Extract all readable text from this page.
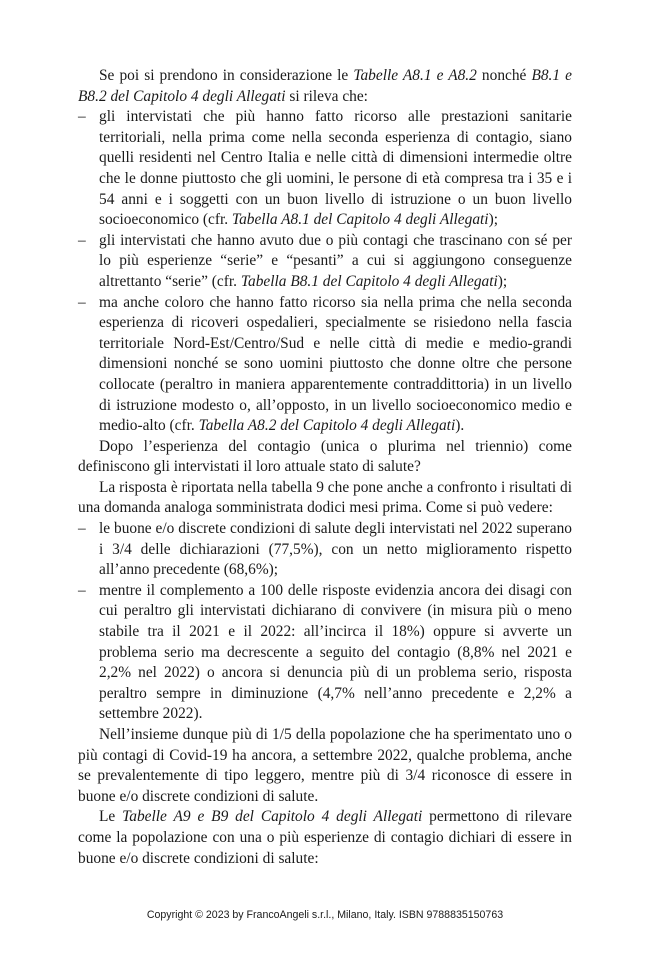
Se poi si prendono in considerazione le Tabelle A8.1 e A8.2 nonché B8.1 e B8.2 del Capitolo 4 degli Allegati si rileva che:

– gli intervistati che più hanno fatto ricorso alle prestazioni sanitarie territoriali, nella prima come nella seconda esperienza di contagio, siano quelli residenti nel Centro Italia e nelle città di dimensioni intermedie oltre che le donne piuttosto che gli uomini, le persone di età compresa tra i 35 e i 54 anni e i soggetti con un buon livello di istruzione o un buon livello socioeconomico (cfr. Tabella A8.1 del Capitolo 4 degli Allegati);
– gli intervistati che hanno avuto due o più contagi che trascinano con sé per lo più esperienze “serie” e “pesanti” a cui si aggiungono conseguenze altrettanto “serie” (cfr. Tabella B8.1 del Capitolo 4 degli Allegati);
– ma anche coloro che hanno fatto ricorso sia nella prima che nella seconda esperienza di ricoveri ospedalieri, specialmente se risiedono nella fascia territoriale Nord-Est/Centro/Sud e nelle città di medie e medio-grandi dimensioni nonché se sono uomini piuttosto che donne oltre che persone collocate (peraltro in maniera apparentemente contraddittoria) in un livello di istruzione modesto o, all’opposto, in un livello socioeconomico medio e medio-alto (cfr. Tabella A8.2 del Capitolo 4 degli Allegati).

Dopo l’esperienza del contagio (unica o plurima nel triennio) come definiscono gli intervistati il loro attuale stato di salute?

La risposta è riportata nella tabella 9 che pone anche a confronto i risultati di una domanda analoga somministrata dodici mesi prima. Come si può vedere:

– le buone e/o discrete condizioni di salute degli intervistati nel 2022 superano i 3/4 delle dichiarazioni (77,5%), con un netto miglioramento rispetto all’anno precedente (68,6%);
– mentre il complemento a 100 delle risposte evidenzia ancora dei disagi con cui peraltro gli intervistati dichiarano di convivere (in misura più o meno stabile tra il 2021 e il 2022: all’incirca il 18%) oppure si avverte un problema serio ma decrescente a seguito del contagio (8,8% nel 2021 e 2,2% nel 2022) o ancora si denuncia più di un problema serio, risposta peraltro sempre in diminuzione (4,7% nell’anno precedente e 2,2% a settembre 2022).

Nell’insieme dunque più di 1/5 della popolazione che ha sperimentato uno o più contagi di Covid-19 ha ancora, a settembre 2022, qualche problema, anche se prevalentemente di tipo leggero, mentre più di 3/4 riconosce di essere in buone e/o discrete condizioni di salute.

Le Tabelle A9 e B9 del Capitolo 4 degli Allegati permettono di rilevare come la popolazione con una o più esperienze di contagio dichiari di essere in buone e/o discrete condizioni di salute:

Copyright © 2023 by FrancoAngeli s.r.l., Milano, Italy. ISBN 9788835150763
